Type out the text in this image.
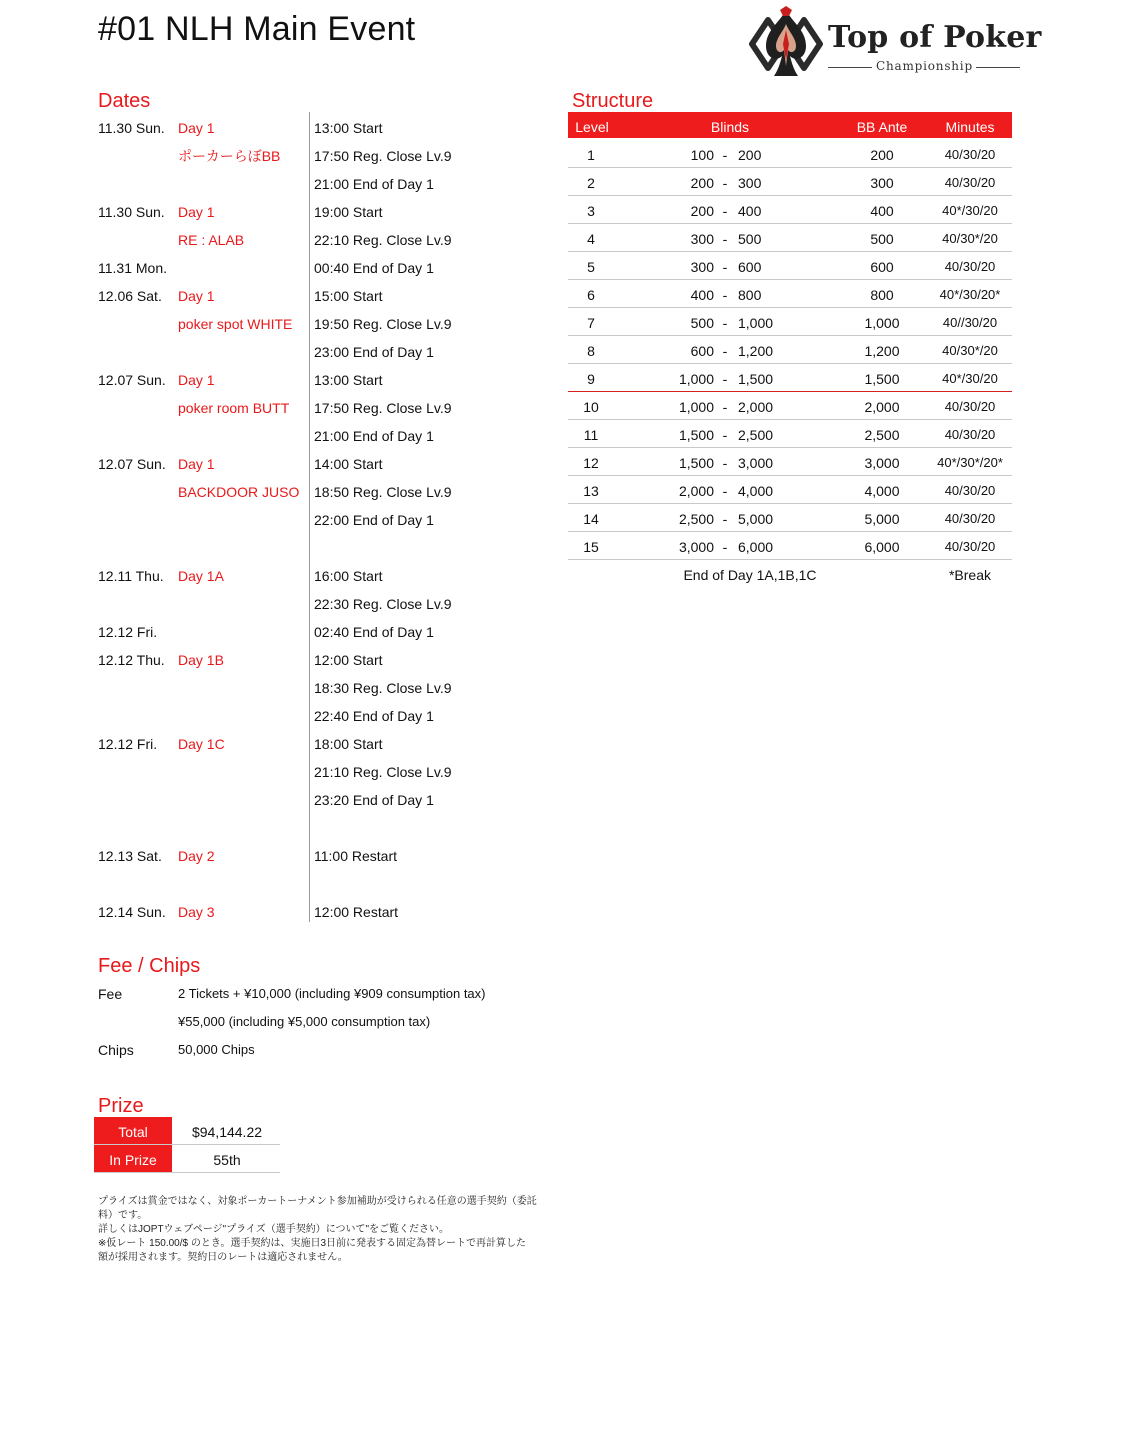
#01 NLH Main Event	Top of Poker
Championship
Dates
11.30 Sun. Day 1	13:00 Start
ポーカーらぼBB 17:50 Reg. Close Lv.9
21:00 End of Day 1
11.30 Sun. Day 1	19:00 Start
RE : ALAB	22:10 Reg. Close Lv.9
11.31 Mon.	00:40 End of Day 1
12.06 Sat. Day 1	15:00 Start
poker spot WHITE 19:50 Reg. Close Lv.9
23:00 End of Day 1
12.07 Sun. Day 1	13:00 Start
poker room BUTT 17:50 Reg. Close Lv.9
21:00 End of Day 1
12.07 Sun. Day 1	14:00 Start
BACKDOOR JUSO 18:50 Reg. Close Lv.9
22:00 End of Day 1
12.11 Thu. Day 1A	16:00 Start
22:30 Reg. Close Lv.9
12.12 Fri.	02:40 End of Day 1
12.12 Thu. Day 1B	12:00 Start
18:30 Reg. Close Lv.9
22:40 End of Day 1
12.12 Fri. Day 1C	18:00 Start
21:10 Reg. Close Lv.9
23:20 End of Day 1
12.13 Sat. Day 2	11:00 Restart
12.14 Sun. Day 3	12:00 Restart
Structure
Level	Blinds	BB Ante	Minutes
1	100 - 200	200	40/30/20
2	200 - 300	300	40/30/20
3	200 - 400	400	40*/30/20
4	300 - 500	500	40/30*/20
5	300 - 600	600	40/30/20
6	400 - 800	800	40*/30/20*
7	500 - 1,000	1,000	40//30/20
8	600 - 1,200	1,200	40/30*/20
9	1,000 - 1,500	1,500	40*/30/20
10	1,000 - 2,000	2,000	40/30/20
11	1,500 - 2,500	2,500	40/30/20
12	1,500 - 3,000	3,000	40*/30*/20*
13	2,000 - 4,000	4,000	40/30/20
14	2,500 - 5,000	5,000	40/30/20
15	3,000 - 6,000	6,000	40/30/20
End of Day 1A,1B,1C	*Break
Fee / Chips
Fee	2 Tickets + ¥10,000 (including ¥909 consumption tax)
¥55,000 (including ¥5,000 consumption tax)
Chips	50,000 Chips
Prize
Total	$94,144.22
In Prize	55th
プライズは賞金ではなく、対象ポーカートーナメント参加補助が受けられる任意の選手契約（委託
料）です。
詳しくはJOPTウェブページ"プライズ（選手契約）について"をご覧ください。
※仮レート 150.00/$ のとき。選手契約は、実施日3日前に発表する固定為替レートで再計算した
額が採用されます。契約日のレートは適応されません。
